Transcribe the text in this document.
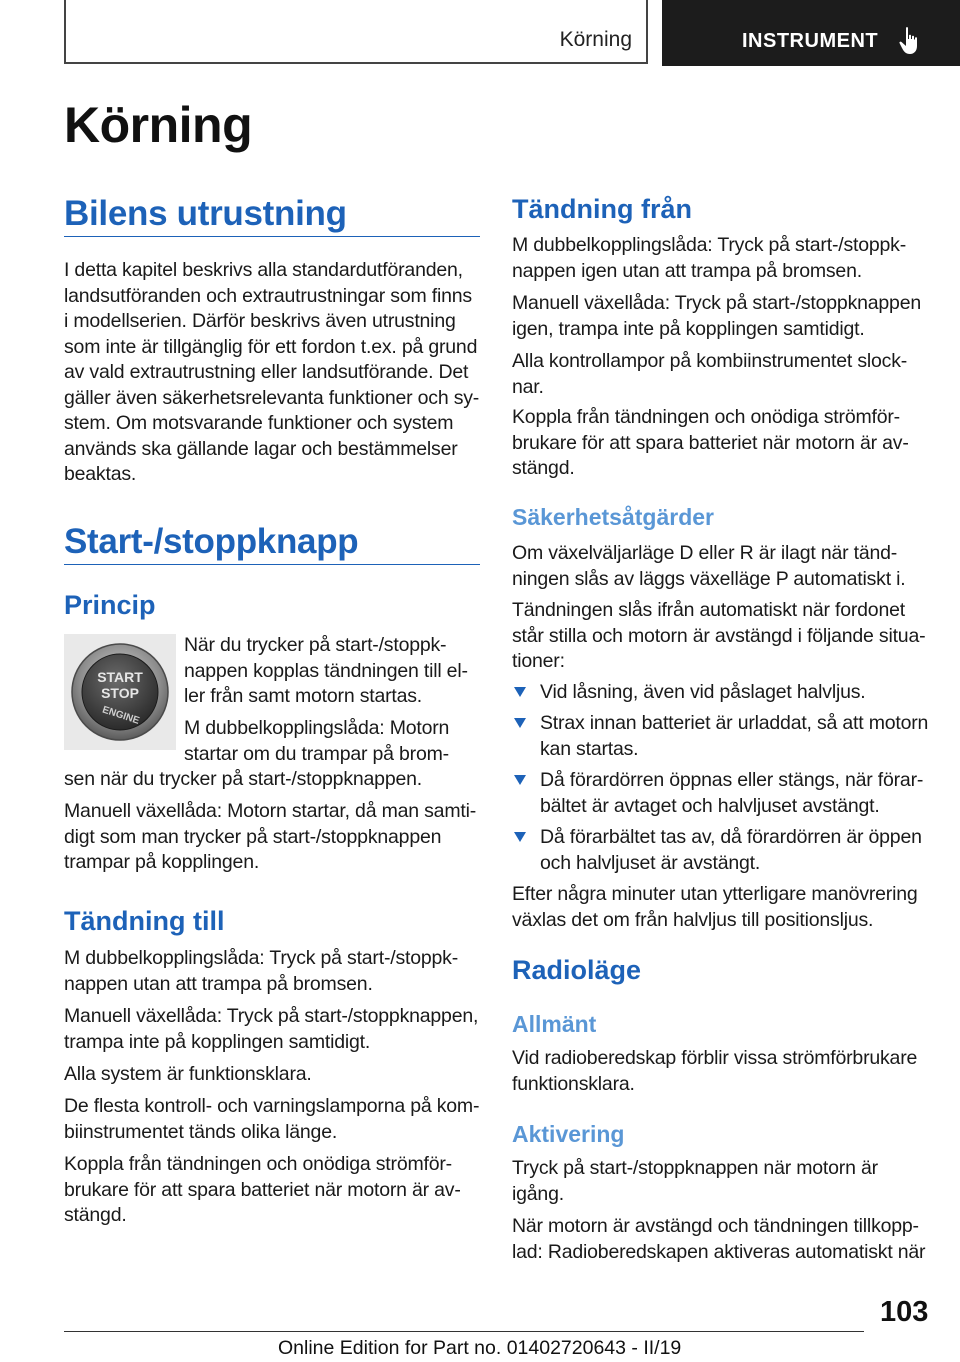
Körning	INSTRUMENT
Körning
Bilens utrustning
I detta kapitel beskrivs alla standardutföranden,
landsutföranden och extrautrustningar som finns
i modellserien. Därför beskrivs även utrustning
som inte är tillgänglig för ett fordon t.ex. på grund
av vald extrautrustning eller landsutförande. Det
gäller även säkerhetsrelevanta funktioner och sy-
stem. Om motsvarande funktioner och system
används ska gällande lagar och bestämmelser
beaktas.
Start-/stoppknapp
Princip
START
STOP
ENGINE
När du trycker på start-/stoppk-
nappen kopplas tändningen till el-
ler från samt motorn startas.
M dubbelkopplingslåda: Motorn
startar om du trampar på brom-
sen när du trycker på start-/stoppknappen.
Manuell växellåda: Motorn startar, då man samti-
digt som man trycker på start-/stoppknappen
trampar på kopplingen.
Tändning till
M dubbelkopplingslåda: Tryck på start-/stoppk-
nappen utan att trampa på bromsen.
Manuell växellåda: Tryck på start-/stoppknappen,
trampa inte på kopplingen samtidigt.
Alla system är funktionsklara.
De flesta kontroll- och varningslamporna på kom-
biinstrumentet tänds olika länge.
Koppla från tändningen och onödiga strömför-
brukare för att spara batteriet när motorn är av-
stängd.
Tändning från
M dubbelkopplingslåda: Tryck på start-/stoppk-
nappen igen utan att trampa på bromsen.
Manuell växellåda: Tryck på start-/stoppknappen
igen, trampa inte på kopplingen samtidigt.
Alla kontrollampor på kombiinstrumentet slock-
nar.
Koppla från tändningen och onödiga strömför-
brukare för att spara batteriet när motorn är av-
stängd.
Säkerhetsåtgärder
Om växelväljarläge D eller R är ilagt när tänd-
ningen slås av läggs växelläge P automatiskt i.
Tändningen slås ifrån automatiskt när fordonet
står stilla och motorn är avstängd i följande situa-
tioner:
Vid låsning, även vid påslaget halvljus.
Strax innan batteriet är urladdat, så att motorn
kan startas.
Då förardörren öppnas eller stängs, när förar-
bältet är avtaget och halvljuset avstängt.
Då förarbältet tas av, då förardörren är öppen
och halvljuset är avstängt.
Efter några minuter utan ytterligare manövrering
växlas det om från halvljus till positionsljus.
Radioläge
Allmänt
Vid radioberedskap förblir vissa strömförbrukare
funktionsklara.
Aktivering
Tryck på start-/stoppknappen när motorn är
igång.
När motorn är avstängd och tändningen tillkopp-
lad: Radioberedskapen aktiveras automatiskt när
103
Online Edition for Part no. 01402720643 - II/19
